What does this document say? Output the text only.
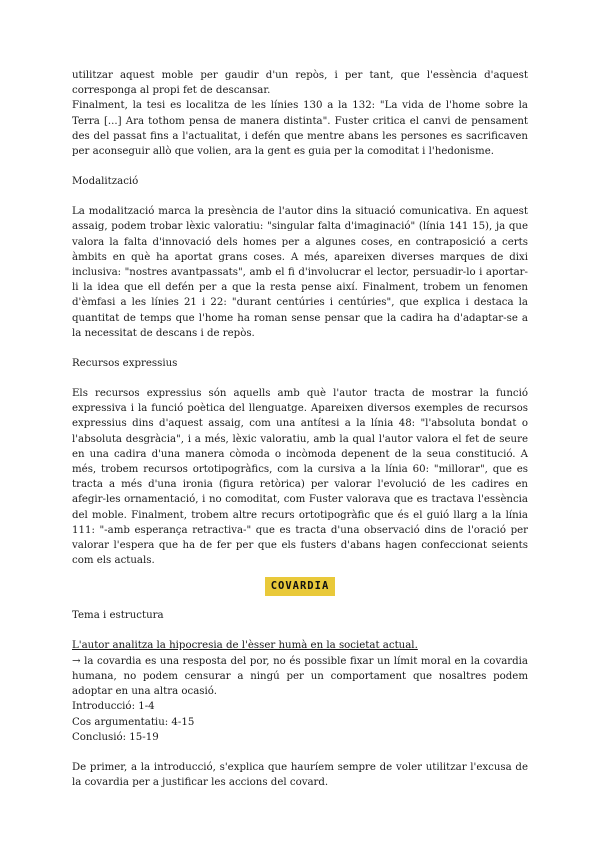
utilitzar aquest moble per gaudir d'un repòs, i per tant, que l'essència d'aquest corresponga al propi fet de descansar.

Finalment, la tesi es localitza de les línies 130 a la 132: "La vida de l'home sobre la Terra [...] Ara tothom pensa de manera distinta". Fuster critica el canvi de pensament des del passat fins a l'actualitat, i defén que mentre abans les persones es sacrificaven per aconseguir allò que volien, ara la gent es guia per la comoditat i l'hedonisme.

Modalització

La modalització marca la presència de l'autor dins la situació comunicativa. En aquest assaig, podem trobar lèxic valoratiu: "singular falta d'imaginació" (línia 141 15), ja que valora la falta d'innovació dels homes per a algunes coses, en contraposició a certs àmbits en què ha aportat grans coses. A més, apareixen diverses marques de dixi inclusiva: "nostres avantpassats", amb el fi d'involucrar el lector, persuadir-lo i aportar-li la idea que ell defén per a que la resta pense així. Finalment, trobem un fenomen d'èmfasi a les línies 21 i 22: "durant centúries i centúries", que explica i destaca la quantitat de temps que l'home ha roman sense pensar que la cadira ha d'adaptar-se a la necessitat de descans i de repòs.

Recursos expressius

Els recursos expressius són aquells amb què l'autor tracta de mostrar la funció expressiva i la funció poètica del llenguatge. Apareixen diversos exemples de recursos expressius dins d'aquest assaig, com una antítesi a la línia 48: "l'absoluta bondat o l'absoluta desgràcia", i a més, lèxic valoratiu, amb la qual l'autor valora el fet de seure en una cadira d'una manera còmoda o incòmoda depenent de la seua constitució. A més, trobem recursos ortotipogràfics, com la cursiva a la línia 60: "millorar", que es tracta a més d'una ironia (figura retòrica) per valorar l'evolució de les cadires en afegir-les ornamentació, i no comoditat, com Fuster valorava que es tractava l'essència del moble. Finalment, trobem altre recurs ortotipogràfic que és el guió llarg a la línia 111: "-amb esperança retractiva-" que es tracta d'una observació dins de l'oració per valorar l'espera que ha de fer per que els fusters d'abans hagen confeccionat seients com els actuals.

COVARDIA

Tema i estructura

L'autor analitza la hipocresia de l'èsser humà en la societat actual.

→ la covardia es una resposta del por, no és possible fixar un límit moral en la covardia humana, no podem censurar a ningú per un comportament que nosaltres podem adoptar en una altra ocasió.

Introducció: 1-4

Cos argumentatiu: 4-15

Conclusió: 15-19

De primer, a la introducció, s'explica que hauríem sempre de voler utilitzar l'excusa de la covardia per a justificar les accions del covard.
